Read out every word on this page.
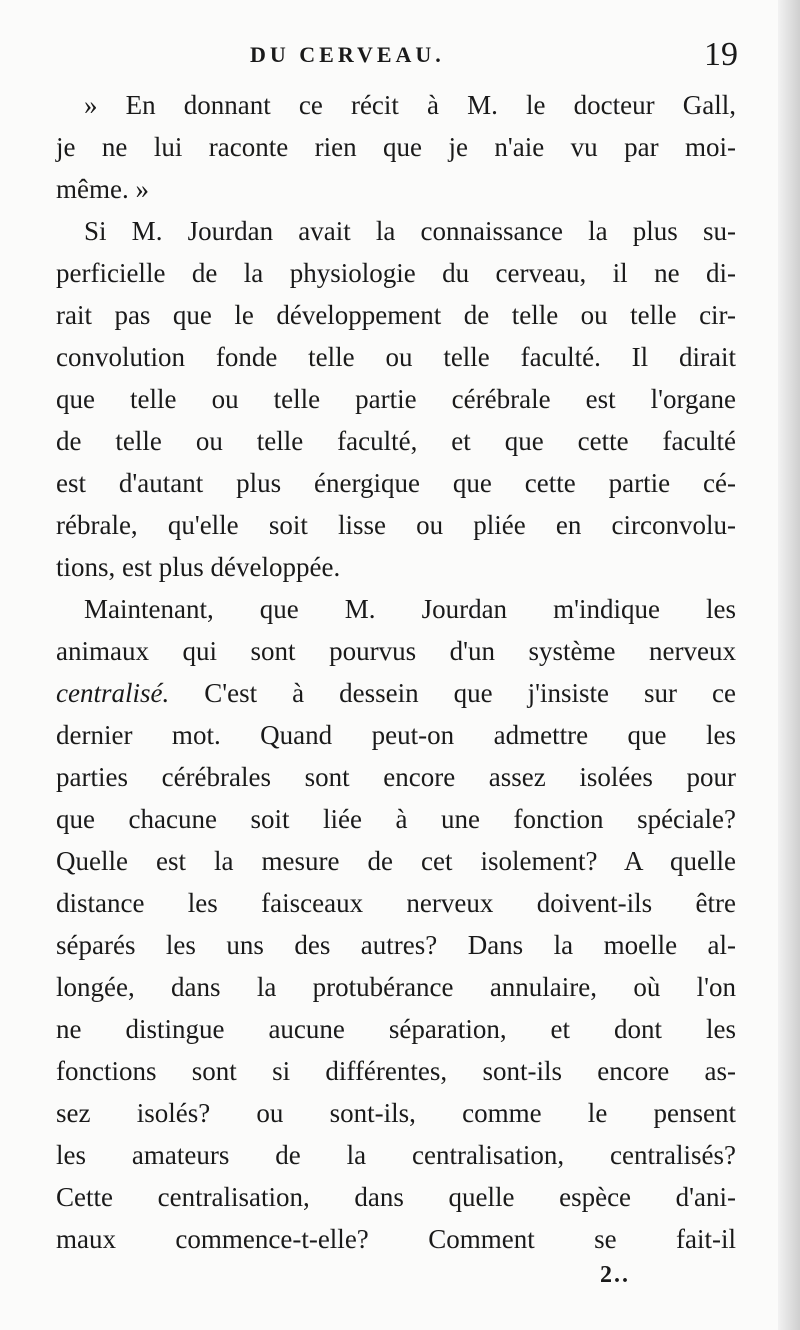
DU CERVEAU.	19
» En donnant ce récit à M. le docteur Gall,
je ne lui raconte rien que je n'aie vu par moi-
même. »
Si M. Jourdan avait la connaissance la plus su-
perficielle de la physiologie du cerveau, il ne di-
rait pas que le développement de telle ou telle cir-
convolution fonde telle ou telle faculté. Il dirait
que telle ou telle partie cérébrale est l'organe
de telle ou telle faculté, et que cette faculté
est d'autant plus énergique que cette partie cé-
rébrale, qu'elle soit lisse ou pliée en circonvolu-
tions, est plus développée.
Maintenant, que M. Jourdan m'indique les
animaux qui sont pourvus d'un système nerveux
centralisé. C'est à dessein que j'insiste sur ce
dernier mot. Quand peut-on admettre que les
parties cérébrales sont encore assez isolées pour
que chacune soit liée à une fonction spéciale?
Quelle est la mesure de cet isolement? A quelle
distance les faisceaux nerveux doivent-ils être
séparés les uns des autres? Dans la moelle al-
longée, dans la protubérance annulaire, où l'on
ne distingue aucune séparation, et dont les
fonctions sont si différentes, sont-ils encore as-
sez isolés? ou sont-ils, comme le pensent
les amateurs de la centralisation, centralisés?
Cette centralisation, dans quelle espèce d'ani-
maux commence-t-elle? Comment se fait-il
2..
